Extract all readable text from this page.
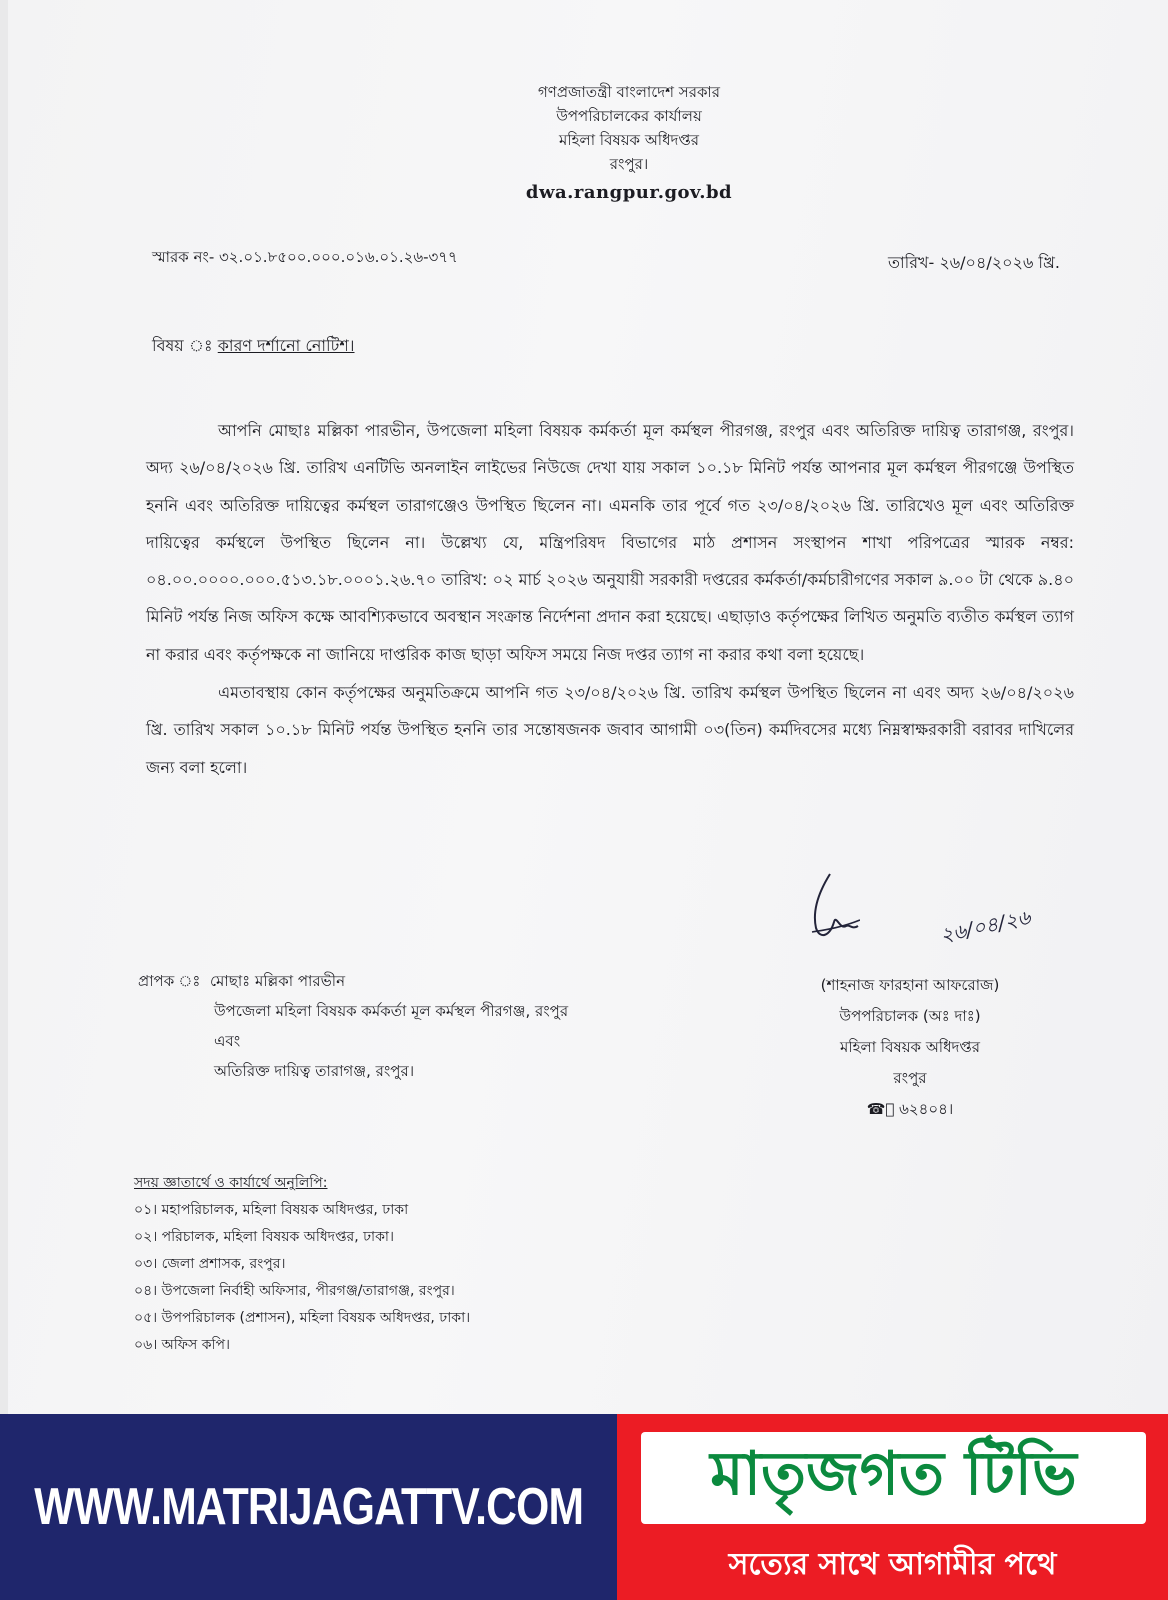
গণপ্রজাতন্ত্রী বাংলাদেশ সরকার
উপপরিচালকের কার্যালয়
মহিলা বিষয়ক অধিদপ্তর
রংপুর।
dwa.rangpur.gov.bd
স্মারক নং- ৩২.০১.৮৫০০.০০০.০১৬.০১.২৬-৩৭৭	তারিখ- ২৬/০৪/২০২৬ খ্রি.
বিষয় ঃ কারণ দর্শানো নোটিশ।

আপনি মোছাঃ মল্লিকা পারভীন, উপজেলা মহিলা বিষয়ক কর্মকর্তা মূল কর্মস্থল পীরগঞ্জ, রংপুর এবং অতিরিক্ত দায়িত্ব তারাগঞ্জ, রংপুর। অদ্য ২৬/০৪/২০২৬ খ্রি. তারিখ এনটিভি অনলাইন লাইভের নিউজে দেখা যায় সকাল ১০.১৮ মিনিট পর্যন্ত আপনার মূল কর্মস্থল পীরগঞ্জে উপস্থিত হননি এবং অতিরিক্ত দায়িত্বের কর্মস্থল তারাগঞ্জেও উপস্থিত ছিলেন না। এমনকি তার পূর্বে গত ২৩/০৪/২০২৬ খ্রি. তারিখেও মূল এবং অতিরিক্ত দায়িত্বের কর্মস্থলে উপস্থিত ছিলেন না। উল্লেখ্য যে, মন্ত্রিপরিষদ বিভাগের মাঠ প্রশাসন সংস্থাপন শাখা পরিপত্রের স্মারক নম্বর: ০৪.০০.০০০০.০০০.৫১৩.১৮.০০০১.২৬.৭০ তারিখ: ০২ মার্চ ২০২৬ অনুযায়ী সরকারী দপ্তরের কর্মকর্তা/কর্মচারীগণের সকাল ৯.০০ টা থেকে ৯.৪০ মিনিট পর্যন্ত নিজ অফিস কক্ষে আবশ্যিকভাবে অবস্থান সংক্রান্ত নির্দেশনা প্রদান করা হয়েছে। এছাড়াও কর্তৃপক্ষের লিখিত অনুমতি ব্যতীত কর্মস্থল ত্যাগ না করার এবং কর্তৃপক্ষকে না জানিয়ে দাপ্তরিক কাজ ছাড়া অফিস সময়ে নিজ দপ্তর ত্যাগ না করার কথা বলা হয়েছে।

এমতাবস্থায় কোন কর্তৃপক্ষের অনুমতিক্রমে আপনি গত ২৩/০৪/২০২৬ খ্রি. তারিখ কর্মস্থল উপস্থিত ছিলেন না এবং অদ্য ২৬/০৪/২০২৬ খ্রি. তারিখ সকাল ১০.১৮ মিনিট পর্যন্ত উপস্থিত হননি তার সন্তোষজনক জবাব আগামী ০৩(তিন) কর্মদিবসের মধ্যে নিম্নস্বাক্ষরকারী বরাবর দাখিলের জন্য বলা হলো।

২৬/০৪/২৬
(শাহনাজ ফারহানা আফরোজ)
উপপরিচালক (অঃ দাঃ)
মহিলা বিষয়ক অধিদপ্তর
রংপুর
☎ঃ ৬২৪০৪।
প্রাপক ঃ মোছাঃ মল্লিকা পারভীন
উপজেলা মহিলা বিষয়ক কর্মকর্তা মূল কর্মস্থল পীরগঞ্জ, রংপুর
এবং
অতিরিক্ত দায়িত্ব তারাগঞ্জ, রংপুর।
সদয় জ্ঞাতার্থে ও কার্যার্থে অনুলিপি:
০১। মহাপরিচালক, মহিলা বিষয়ক অধিদপ্তর, ঢাকা
০২। পরিচালক, মহিলা বিষয়ক অধিদপ্তর, ঢাকা।
০৩। জেলা প্রশাসক, রংপুর।
০৪। উপজেলা নির্বাহী অফিসার, পীরগঞ্জ/তারাগঞ্জ, রংপুর।
০৫। উপপরিচালক (প্রশাসন), মহিলা বিষয়ক অধিদপ্তর, ঢাকা।
০৬। অফিস কপি।
WWW.MATRIJAGATTV.COM মাতৃজগত টিভি
সত্যের সাথে আগামীর পথে
